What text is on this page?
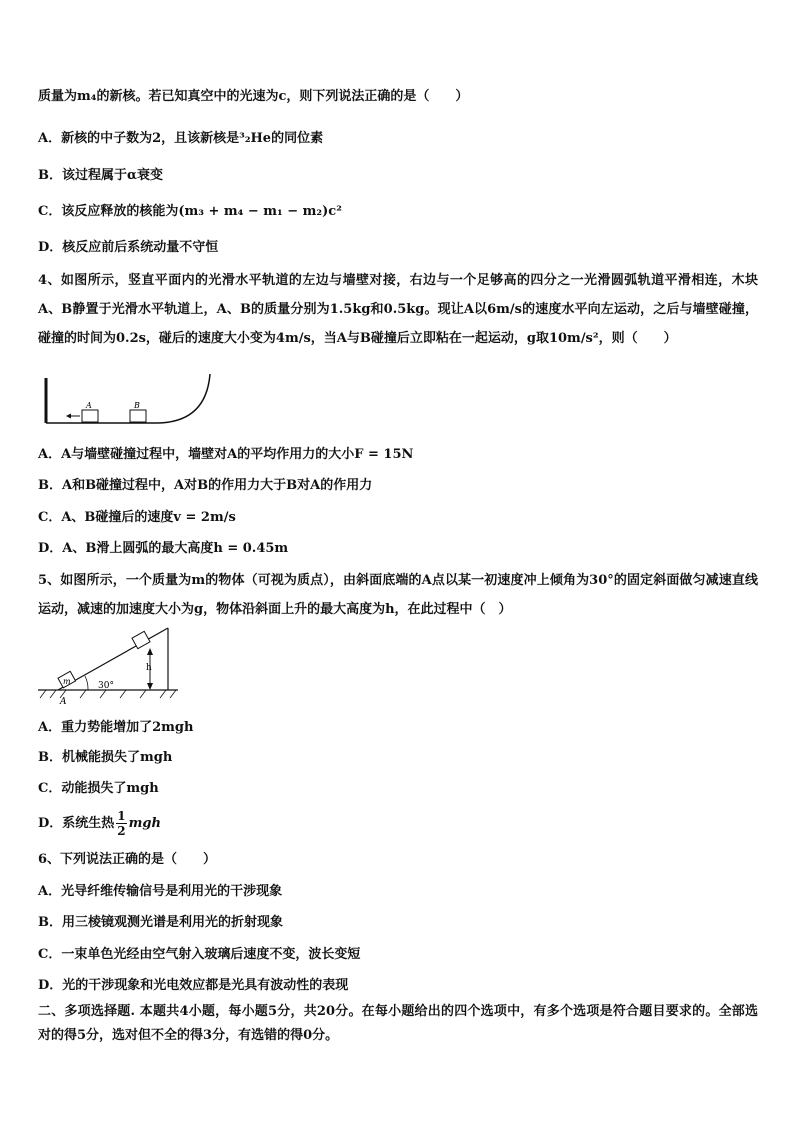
质量为m₄的新核。若已知真空中的光速为c，则下列说法正确的是（　　）
A．新核的中子数为2，且该新核是³₂He的同位素
B．该过程属于α衰变
C．该反应释放的核能为(m₃ + m₄ − m₁ − m₂)c²
D．核反应前后系统动量不守恒
4、如图所示，竖直平面内的光滑水平轨道的左边与墙壁对接，右边与一个足够高的四分之一光滑圆弧轨道平滑相连，木块A、B静置于光滑水平轨道上，A、B的质量分别为1.5kg和0.5kg。现让A以6m/s的速度水平向左运动，之后与墙壁碰撞，碰撞的时间为0.2s，碰后的速度大小变为4m/s，当A与B碰撞后立即粘在一起运动，g取10m/s²，则（　　）
A	B
A．A与墙壁碰撞过程中，墙壁对A的平均作用力的大小F = 15N
B．A和B碰撞过程中，A对B的作用力大于B对A的作用力
C．A、B碰撞后的速度v = 2m/s
D．A、B滑上圆弧的最大高度h = 0.45m
5、如图所示，一个质量为m的物体（可视为质点），由斜面底端的A点以某一初速度冲上倾角为30°的固定斜面做匀减速直线运动，减速的加速度大小为g，物体沿斜面上升的最大高度为h，在此过程中（　）
m
h
30°
A
A．重力势能增加了2mgh
B．机械能损失了mgh
C．动能损失了mgh
D．系统生热 $\frac{1}{2}$ mgh
6、下列说法正确的是（　　）
A．光导纤维传输信号是利用光的干涉现象
B．用三棱镜观测光谱是利用光的折射现象
C．一束单色光经由空气射入玻璃后速度不变，波长变短
D．光的干涉现象和光电效应都是光具有波动性的表现
二、多项选择题. 本题共4小题，每小题5分，共20分。在每小题给出的四个选项中，有多个选项是符合题目要求的。全部选对的得5分，选对但不全的得3分，有选错的得0分。
